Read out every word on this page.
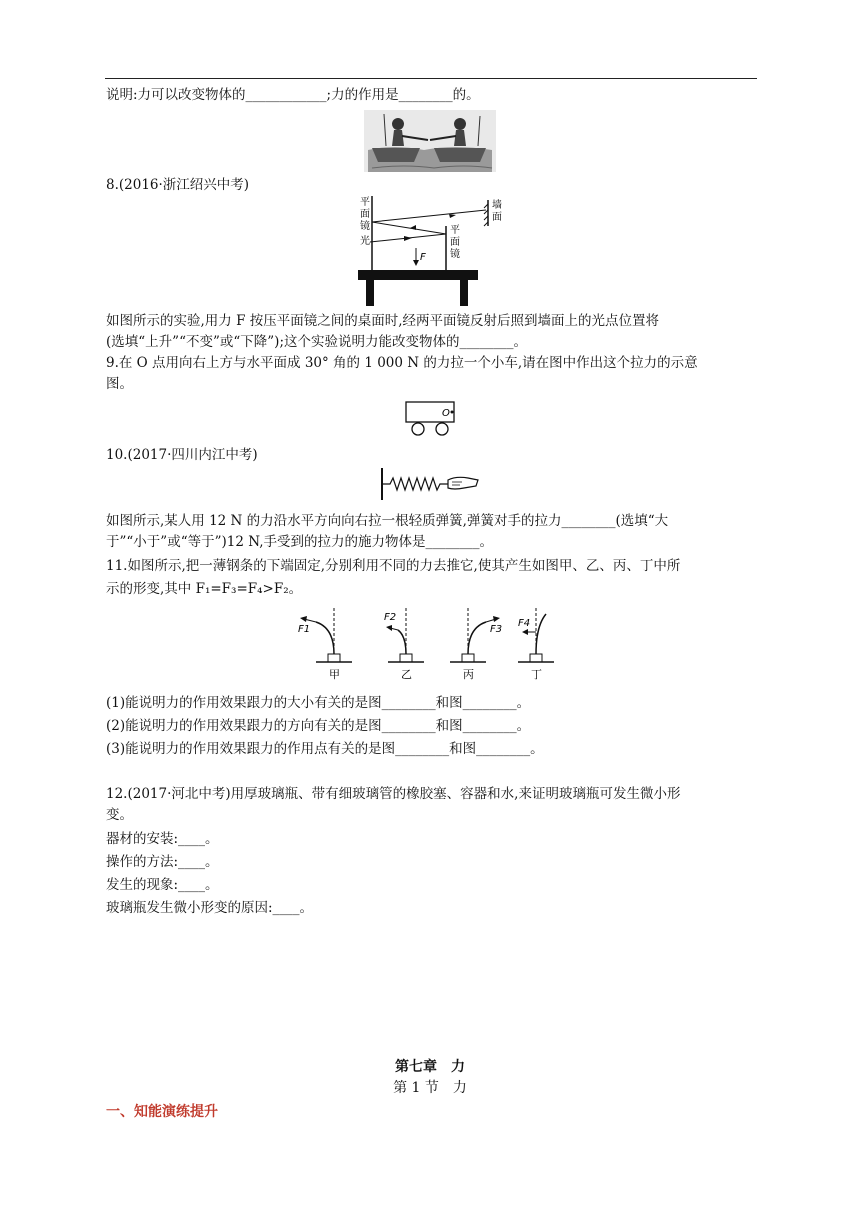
说明:力可以改变物体的____________;力的作用是________的。
8.(2016·浙江绍兴中考)
平
面
镜
光
平
面
镜
墙
面
F
如图所示的实验,用力 F 按压平面镜之间的桌面时,经两平面镜反射后照到墙面上的光点位置将
(选填“上升”“不变”或“下降”);这个实验说明力能改变物体的________。
9.在 O 点用向右上方与水平面成 30° 角的 1 000 N 的力拉一个小车,请在图中作出这个拉力的示意
图。
O
10.(2017·四川内江中考)
如图所示,某人用 12 N 的力沿水平方向向右拉一根轻质弹簧,弹簧对手的拉力________(选填“大
于”“小于”或“等于”)12 N,手受到的拉力的施力物体是________。
11.如图所示,把一薄钢条的下端固定,分别利用不同的力去推它,使其产生如图甲、乙、丙、丁中所
示的形变,其中 F₁=F₃=F₄>F₂。
F1
甲
F2
乙
F3
丙
F4
丁
(1)能说明力的作用效果跟力的大小有关的是图________和图________。
(2)能说明力的作用效果跟力的方向有关的是图________和图________。
(3)能说明力的作用效果跟力的作用点有关的是图________和图________。
12.(2017·河北中考)用厚玻璃瓶、带有细玻璃管的橡胶塞、容器和水,来证明玻璃瓶可发生微小形
变。
器材的安装:____。
操作的方法:____。
发生的现象:____。
玻璃瓶发生微小形变的原因:____。
第七章　力
第 1 节　力
一、知能演练提升
